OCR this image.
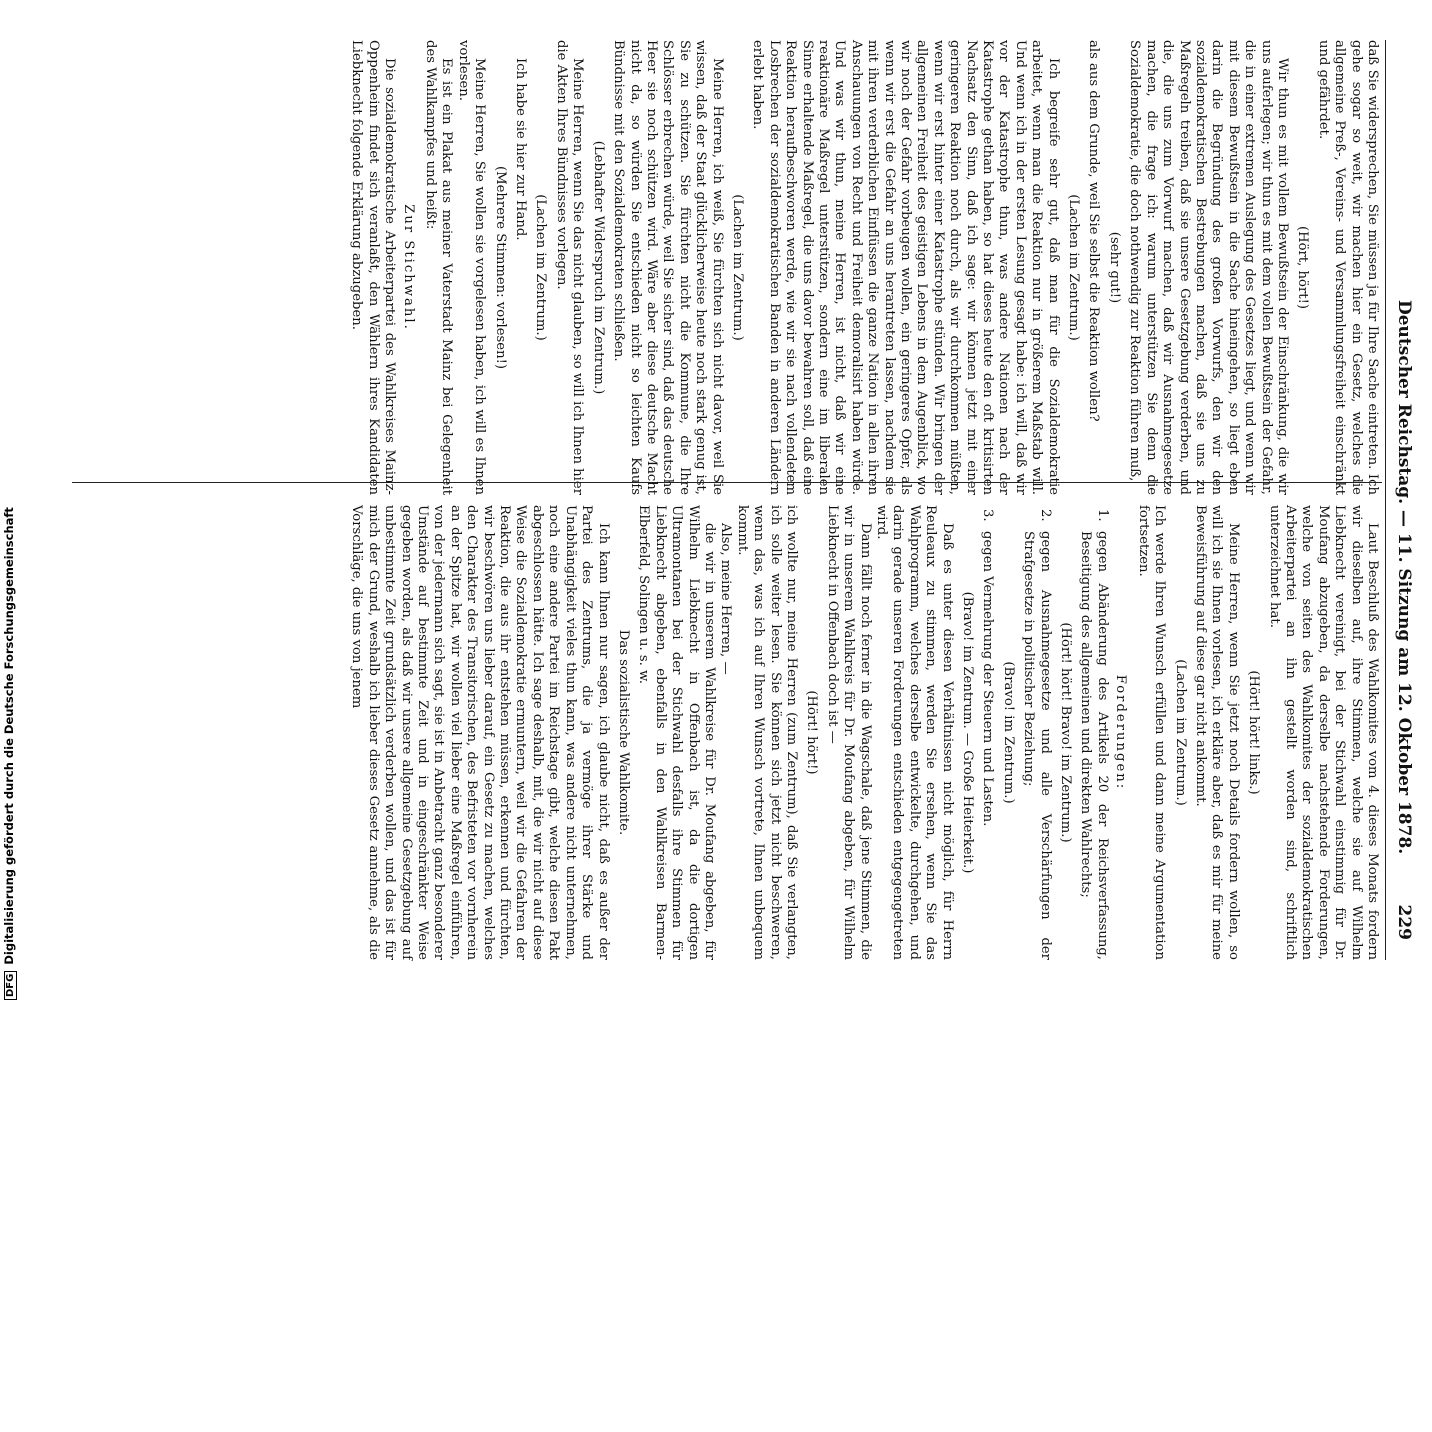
Deutscher Reichstag. — 11. Sitzung am 12. Oktober 1878.
229

daß Sie widersprechen, Sie müssen ja für Ihre Sache eintreten. Ich gehe sogar so weit, wir machen hier ein Gesetz, welches die allgemeine Preß-, Vereins- und Versammlungsfreiheit einschränkt und gefährdet.

(Hört, hört!)

Wir thun es mit vollem Bewußtsein der Einschränkung, die wir uns auferlegen; wir thun es mit dem vollen Bewußtsein der Gefahr, die in einer extremen Auslegung des Gesetzes liegt, und wenn wir mit diesem Bewußtsein in die Sache hineingehen, so liegt eben darin die Begründung des großen Vorwurfs, den wir den sozialdemokratischen Bestrebungen machen, daß sie uns zu Maßregeln treiben, daß sie unsere Gesetzgebung verderben, und die, die uns zum Vorwurf machen, daß wir Ausnahmegesetze machen, die frage ich: warum unterstützen Sie denn die Sozialdemokratie, die doch nothwendig zur Reaktion führen muß,

(sehr gut!)

als aus dem Grunde, weil Sie selbst die Reaktion wollen?

(Lachen im Zentrum.)

Ich begreife sehr gut, daß man für die Sozialdemokratie arbeitet, wenn man die Reaktion nur in größerem Maßstab will. Und wenn ich in der ersten Lesung gesagt habe: ich will, daß wir vor der Katastrophe thun, was andere Nationen nach der Katastrophe gethan haben, so hat dieses heute den oft kritisirten Nachsatz den Sinn, daß ich sage: wir können jetzt mit einer geringeren Reaktion noch durch, als wir durchkommen müßten, wenn wir erst hinter einer Katastrophe stünden. Wir bringen der allgemeinen Freiheit des geistigen Lebens in dem Augenblick, wo wir noch der Gefahr vorbeugen wollen, ein geringeres Opfer, als wenn wir erst die Gefahr an uns herantreten lassen, nachdem sie mit ihren verderblichen Einflüssen die ganze Nation in allen ihren Anschauungen von Recht und Freiheit demoralisirt haben würde. Und was wir thun, meine Herren, ist nicht, daß wir eine reaktionäre Maßregel unterstützen, sondern eine im liberalen Sinne erhaltende Maßregel, die uns davor bewahren soll, daß eine Reaktion heraufbeschworen werde, wie wir sie nach vollendetem Losbrechen der sozialdemokratischen Banden in anderen Ländern erlebt haben.

(Lachen im Zentrum.)

Meine Herren, ich weiß, Sie fürchten sich nicht davor, weil Sie wissen, daß der Staat glücklicherweise heute noch stark genug ist, Sie zu schützen. Sie fürchten nicht die Kommune, die Ihre Schlösser erbrechen würde, weil Sie sicher sind, daß das deutsche Heer sie noch schützen wird. Wäre aber diese deutsche Macht nicht da, so würden Sie entschieden nicht so leichten Kaufs Bündnisse mit den Sozialdemokraten schließen.

(Lebhafter Widerspruch im Zentrum.)

Meine Herren, wenn Sie das nicht glauben, so will ich Ihnen hier die Akten Ihres Bündnisses vorlegen.

(Lachen im Zentrum.)

Ich habe sie hier zur Hand.

(Mehrere Stimmen: vorlesen!)

Meine Herren, Sie wollen sie vorgelesen haben, ich will es Ihnen vorlesen.

Es ist ein Plakat aus meiner Vaterstadt Mainz bei Gelegenheit des Wahlkampfes und heißt:

Zur Stichwahl.

Die sozialdemokratische Arbeiterpartei des Wahlkreises Mainz-Oppenheim findet sich veranlaßt, den Wählern ihres Kandidaten Liebknecht folgende Erklärung abzugeben.

Laut Beschluß des Wahlkomites vom 4. dieses Monats fordern wir dieselben auf, ihre Stimmen, welche sie auf Wilhelm Liebknecht vereinigt, bei der Stichwahl einstimmig für Dr. Moufang abzugeben, da derselbe nachstehende Forderungen, welche von seiten des Wahlkomites der sozialdemokratischen Arbeiterpartei an ihn gestellt worden sind, schriftlich unterzeichnet hat.

(Hört! hört! links.)

Meine Herren, wenn Sie jetzt noch Details fordern wollen, so will ich sie Ihnen vorlesen, ich erkläre aber, daß es mir für meine Beweisführung auf diese gar nicht ankommt.

(Lachen im Zentrum.)

Ich werde Ihren Wunsch erfüllen und dann meine Argumentation fortsetzen.

Forderungen:

1.gegen Abänderung des Artikels 20 der Reichsverfassung, Beseitigung des allgemeinen und direkten Wahlrechts;

(Hört! hört! Bravo! im Zentrum.)

2.gegen Ausnahmegesetze und alle Verschärfungen der Strafgesetze in politischer Beziehung;

(Bravo! im Zentrum.)

3.gegen Vermehrung der Steuern und Lasten.

(Bravo! im Zentrum. — Große Heiterkeit.)

Daß es unter diesen Verhältnissen nicht möglich, für Herrn Reuleaux zu stimmen, werden Sie ersehen, wenn Sie das Wahlprogramm, welches derselbe entwickelte, durchgehen, und darin gerade unseren Forderungen entschieden entgegengetreten wird.

Dann fällt noch ferner in die Wagschale, daß jene Stimmen, die wir in unserem Wahlkreis für Dr. Moufang abgeben, für Wilhelm Liebknecht in Offenbach doch ist —

(Hört! hört!)

ich wollte nur, meine Herren (zum Zentrum), daß Sie verlangten, ich solle weiter lesen. Sie können sich jetzt nicht beschweren, wenn das, was ich auf Ihren Wunsch vortrete, Ihnen unbequem kommt.

Also, meine Herren, —

die wir in unserem Wahlkreise für Dr. Moufang abgeben, für Wilhelm Liebknecht in Offenbach ist, da die dortigen Ultramontanen bei der Stichwahl desfalls ihre Stimmen für Liebknecht abgeben, ebenfalls in den Wahlkreisen Barmen-Elberfeld, Solingen u. s. w.

Das sozialistische Wahlkomite.

Ich kann Ihnen nur sagen, ich glaube nicht, daß es außer der Partei des Zentrums, die ja vermöge ihrer Stärke und Unabhängigkeit vieles thun kann, was andere nicht unternehmen, noch eine andere Partei im Reichstage gibt, welche diesen Pakt abgeschlossen hätte. Ich sage deshalb, mit, die wir nicht auf diese Weise die Sozialdemokratie ermuntern, weil wir die Gefahren der Reaktion, die aus ihr entstehen müssen, erkennen und fürchten, wir beschwören uns lieber darauf, ein Gesetz zu machen, welches den Charakter des Transitorischen, des Befristeten vor vornherein an der Spitze hat, wir wollen viel lieber eine Maßregel einführen, von der jedermann sich sagt, sie ist in Anbetracht ganz besonderer Umstände auf bestimmte Zeit und in eingeschränkter Weise gegeben worden, als daß wir unsere allgemeine Gesetzgebung auf unbestimmte Zeit grundsätzlich verderben wollen, und das ist für mich der Grund, weshalb ich lieber dieses Gesetz annehme, als die Vorschläge, die uns von jenem

DFGDigitalisierung gefördert durch die Deutsche Forschungsgemeinschaft
